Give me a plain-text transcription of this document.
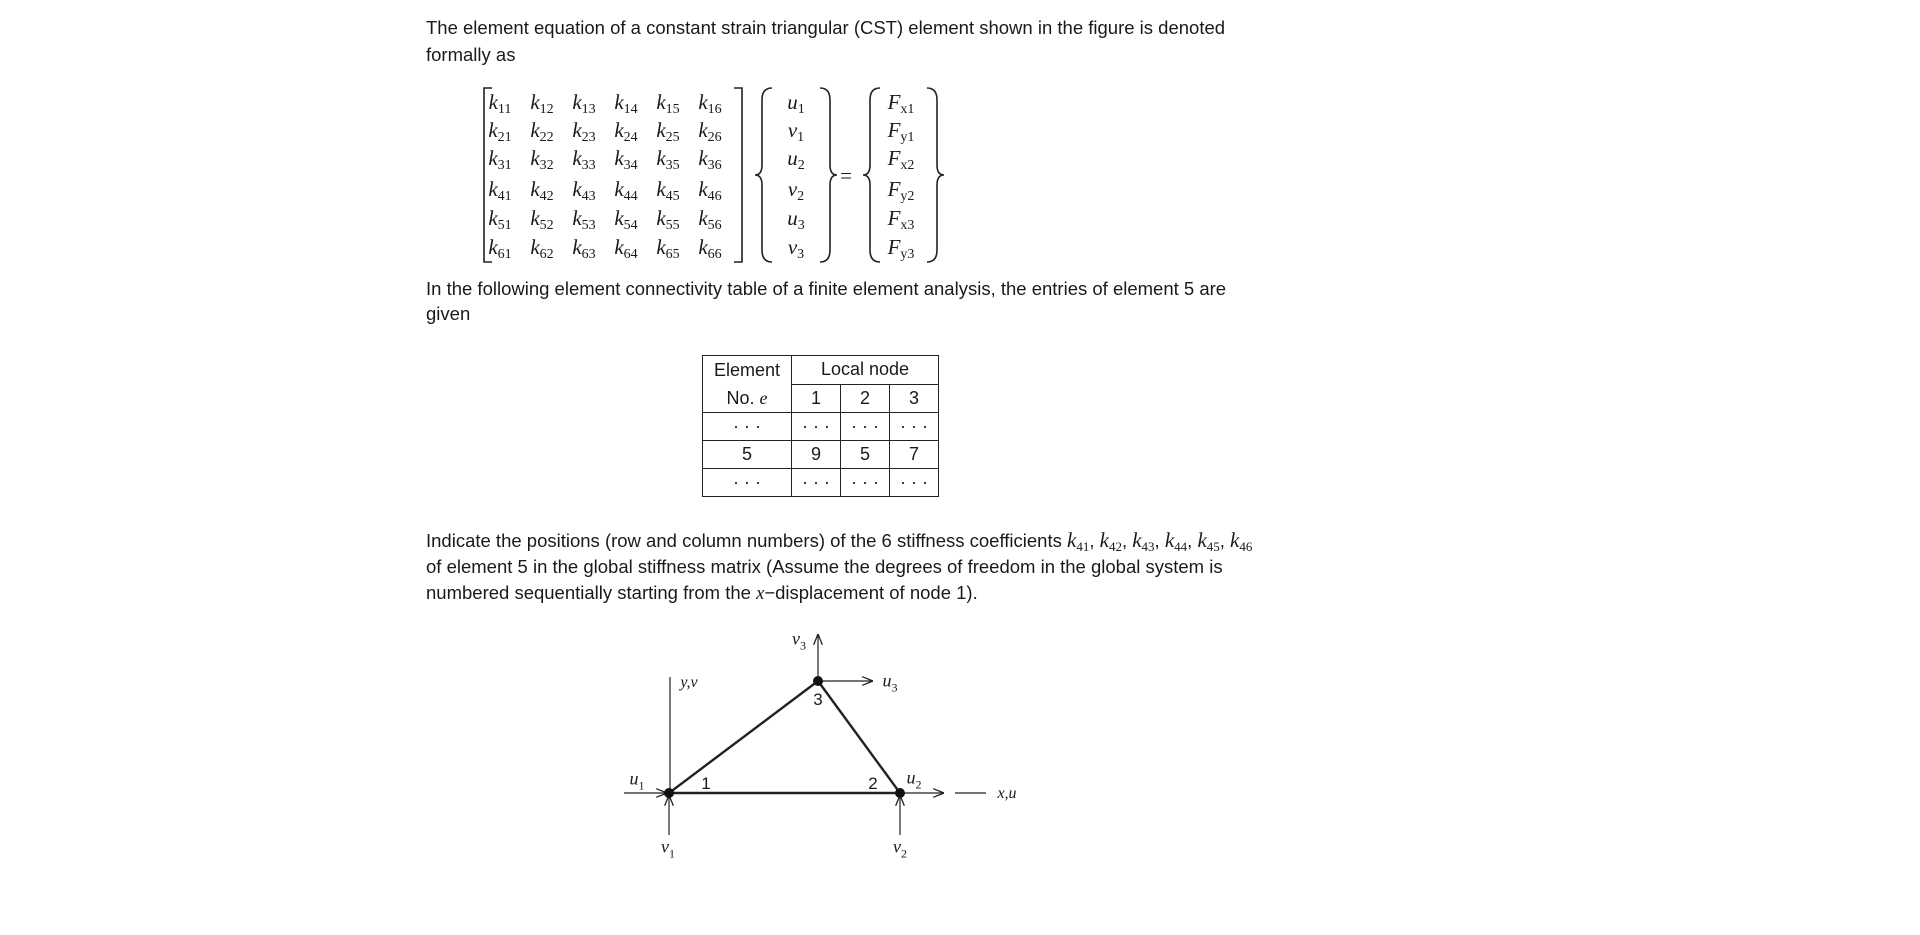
The element equation of a constant strain triangular (CST) element shown in the figure is denoted
formally as
=
$k_{11}$ $k_{12}$ $k_{13}$ $k_{14}$ $k_{15}$ $k_{16}$
$k_{21}$ $k_{22}$ $k_{23}$ $k_{24}$ $k_{25}$ $k_{26}$
$k_{31}$ $k_{32}$ $k_{33}$ $k_{34}$ $k_{35}$ $k_{36}$
$k_{41}$ $k_{42}$ $k_{43}$ $k_{44}$ $k_{45}$ $k_{46}$
$k_{51}$ $k_{52}$ $k_{53}$ $k_{54}$ $k_{55}$ $k_{56}$
$k_{61}$ $k_{62}$ $k_{63}$ $k_{64}$ $k_{65}$ $k_{66}$
$u_1$
$v_1$
$u_2$
$v_2$
$u_3$
$v_3$
$F_{x1}$
$F_{y1}$
$F_{x2}$
$F_{y2}$
$F_{x3}$
$F_{y3}$
In the following element connectivity table of a finite element analysis, the entries of element 5 are
given
Element	Local node		
No. e	1	2	3
· · ·	· · ·	· · ·	· · ·
5	9	5	7
· · ·	· · ·	· · ·	· · ·
Indicate the positions (row and column numbers) of the 6 stiffness coefficients $k_{41}$, $k_{42}$, $k_{43}$, $k_{44}$, $k_{45}$, $k_{46}$
of element 5 in the global stiffness matrix (Assume the degrees of freedom in the global system is
numbered sequentially starting from the x−displacement of node 1).
1	2
3
y,v
x,u
$u_1$
$v_1$
$u_2$
$v_2$
$u_3$
$v_3$
